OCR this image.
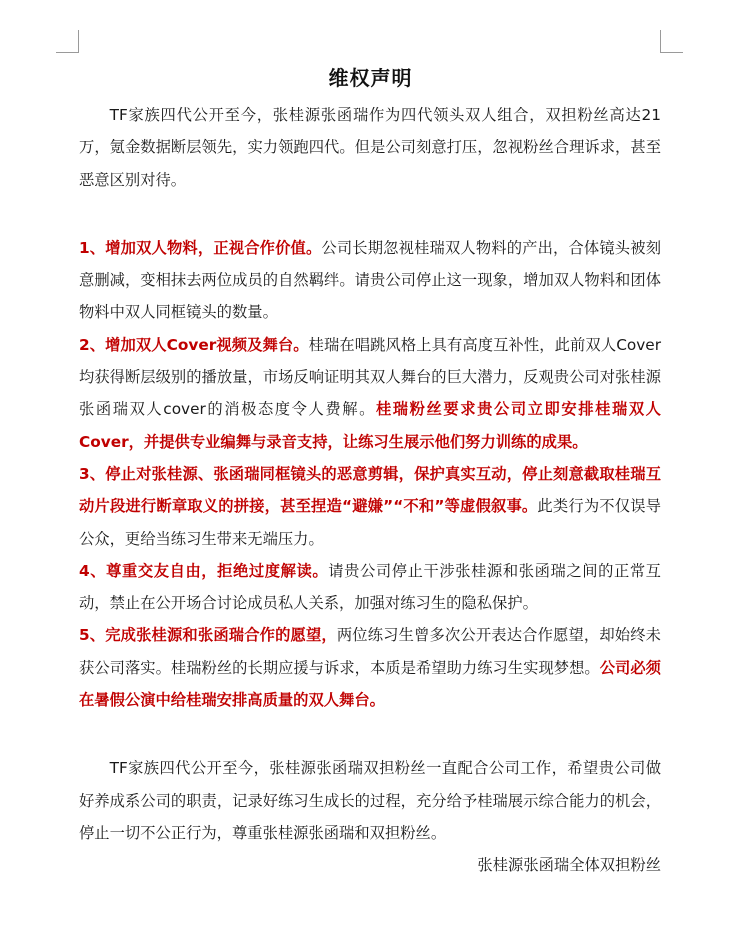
维权声明

TF家族四代公开至今，张桂源张函瑞作为四代领头双人组合，双担粉丝高达21万，氪金数据断层领先，实力领跑四代。但是公司刻意打压，忽视粉丝合理诉求，甚至恶意区别对待。

1、增加双人物料，正视合作价值。公司长期忽视桂瑞双人物料的产出，合体镜头被刻意删减，变相抹去两位成员的自然羁绊。请贵公司停止这一现象，增加双人物料和团体物料中双人同框镜头的数量。

2、增加双人Cover视频及舞台。桂瑞在唱跳风格上具有高度互补性，此前双人Cover均获得断层级别的播放量，市场反响证明其双人舞台的巨大潜力，反观贵公司对张桂源张函瑞双人cover的消极态度令人费解。桂瑞粉丝要求贵公司立即安排桂瑞双人Cover，并提供专业编舞与录音支持，让练习生展示他们努力训练的成果。

3、停止对张桂源、张函瑞同框镜头的恶意剪辑，保护真实互动，停止刻意截取桂瑞互动片段进行断章取义的拼接，甚至捏造“避嫌”“不和”等虚假叙事。此类行为不仅误导公众，更给当练习生带来无端压力。

4、尊重交友自由，拒绝过度解读。请贵公司停止干涉张桂源和张函瑞之间的正常互动，禁止在公开场合讨论成员私人关系，加强对练习生的隐私保护。

5、完成张桂源和张函瑞合作的愿望，两位练习生曾多次公开表达合作愿望，却始终未获公司落实。桂瑞粉丝的长期应援与诉求，本质是希望助力练习生实现梦想。公司必须在暑假公演中给桂瑞安排高质量的双人舞台。

TF家族四代公开至今，张桂源张函瑞双担粉丝一直配合公司工作，希望贵公司做好养成系公司的职责，记录好练习生成长的过程，充分给予桂瑞展示综合能力的机会，停止一切不公正行为，尊重张桂源张函瑞和双担粉丝。

张桂源张函瑞全体双担粉丝
